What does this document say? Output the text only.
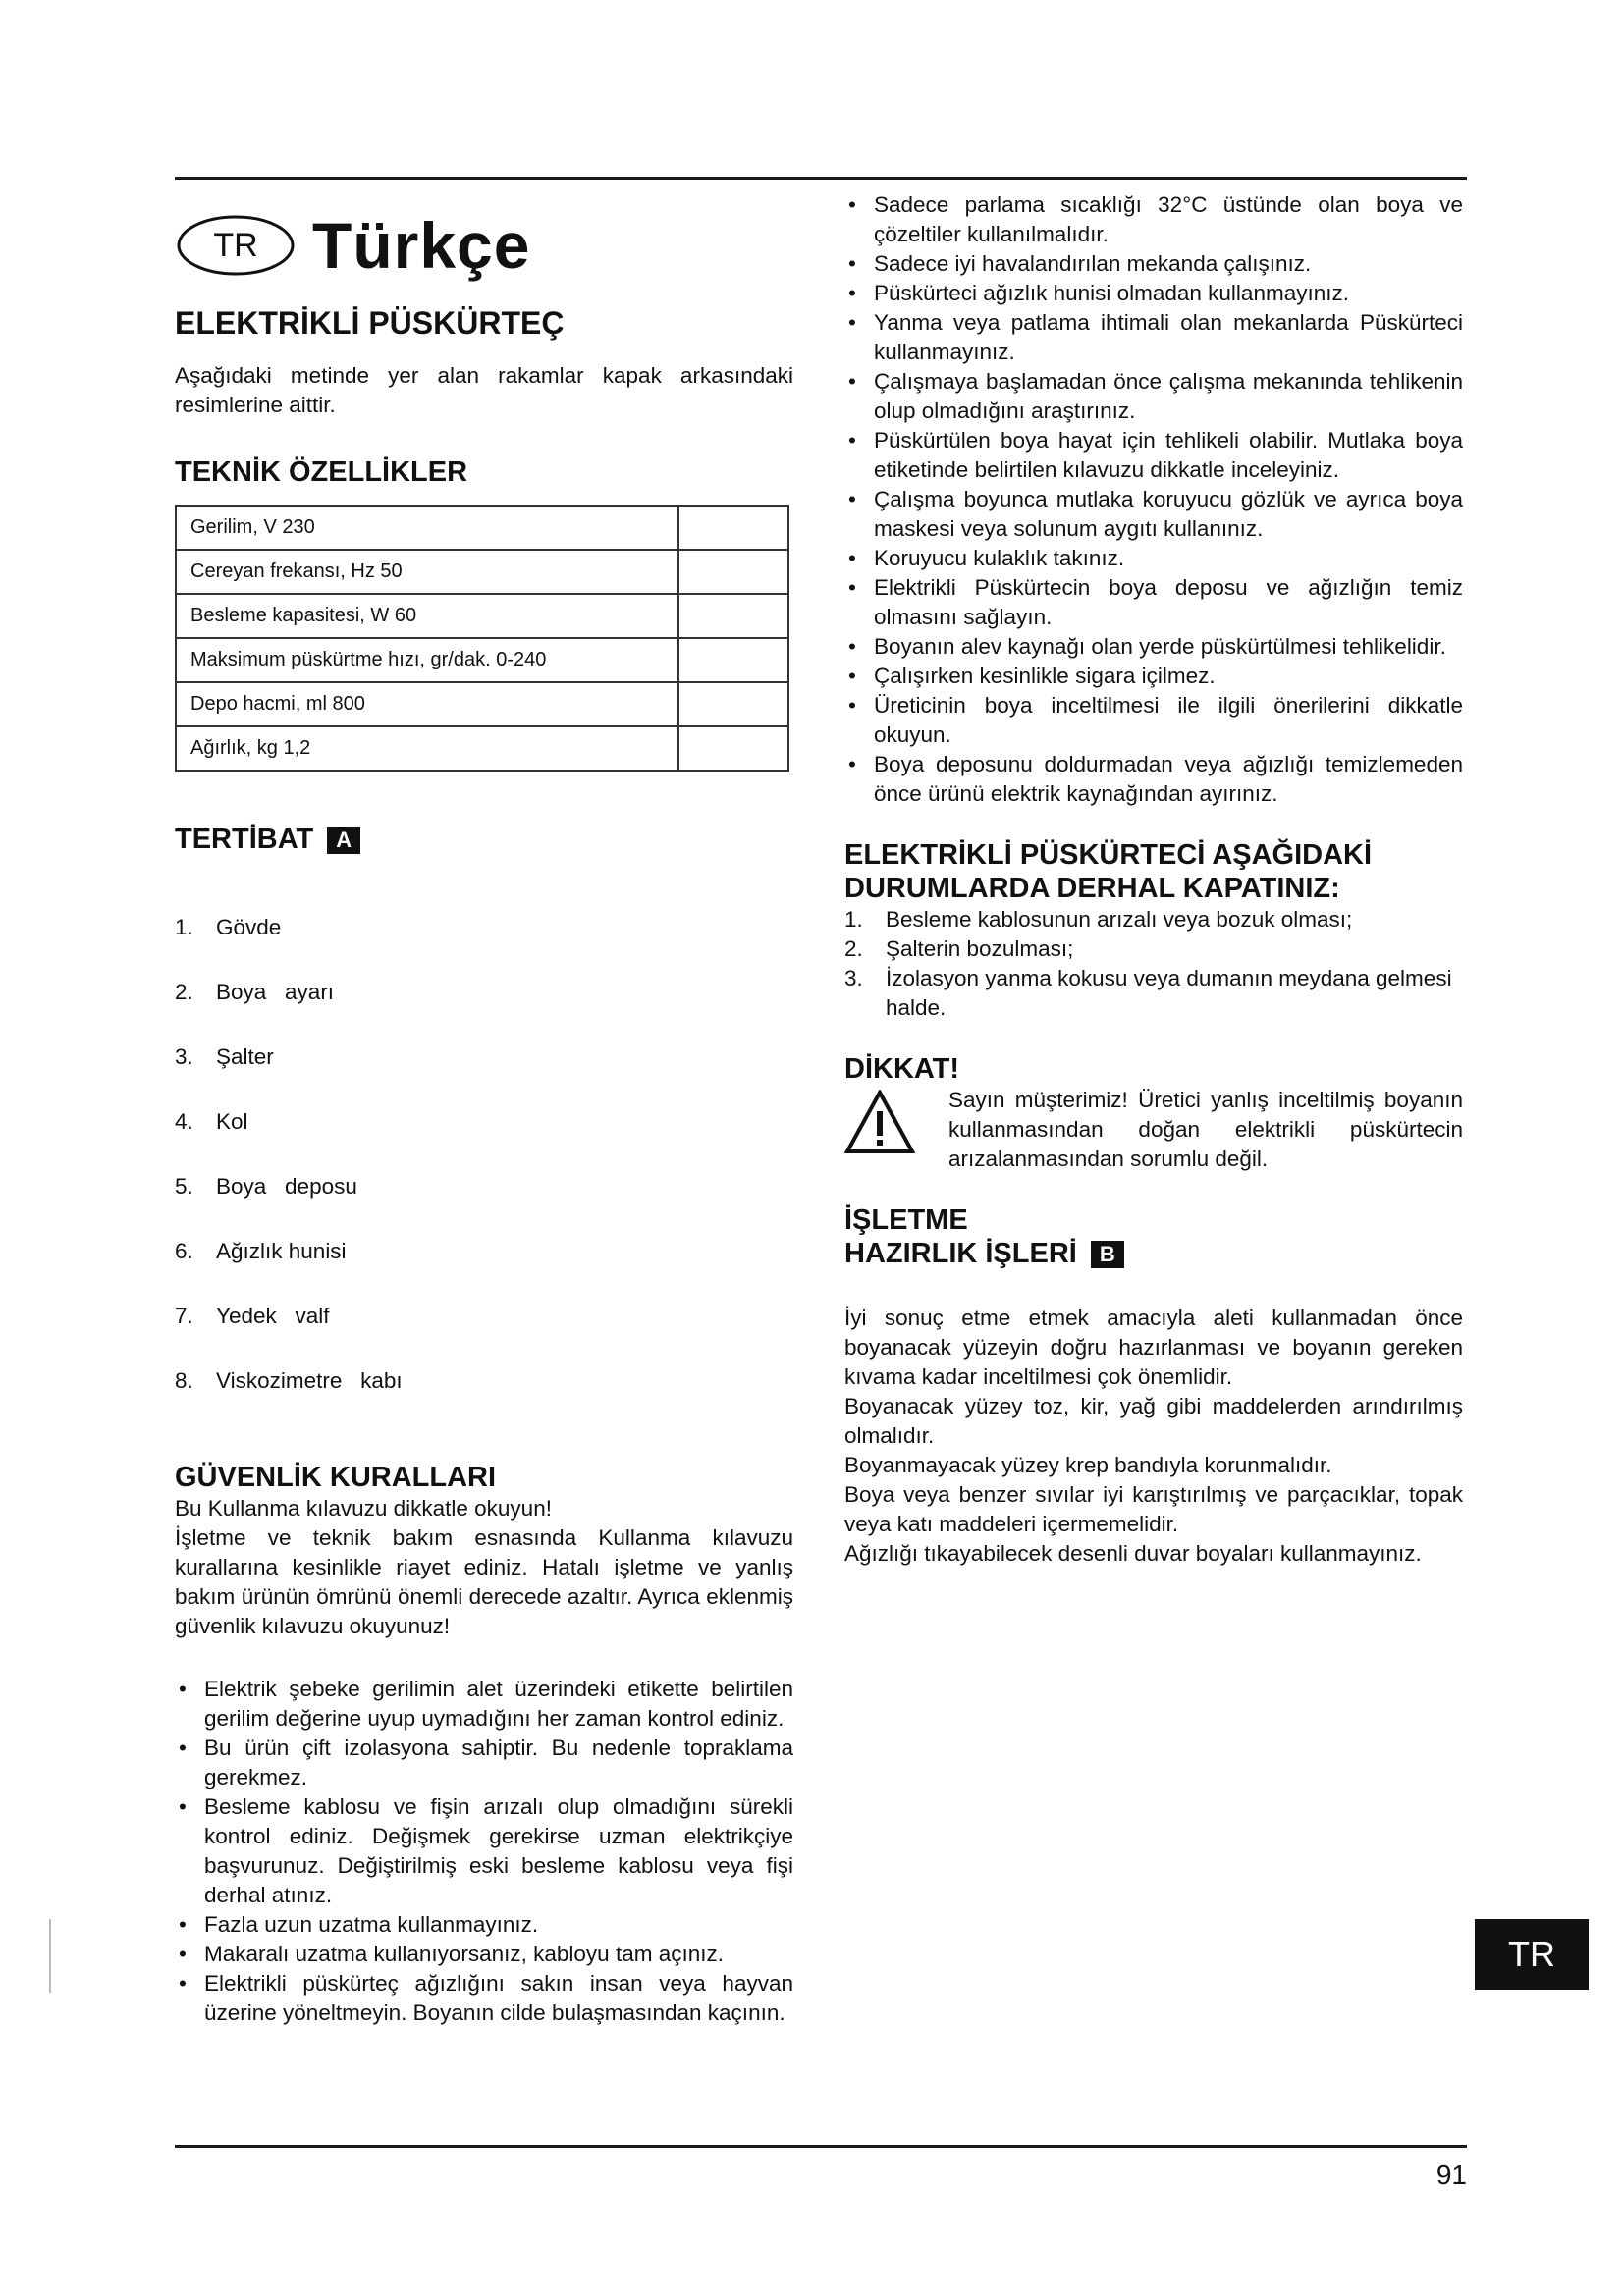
TR Türkçe
ELEKTRİKLİ PÜSKÜRTEÇ

Aşağıdaki metinde yer alan rakamlar kapak arkasındaki resimlerine aittir.

TEKNİK ÖZELLİKLER
Gerilim, V 230	
Cereyan frekansı, Hz 50	
Besleme kapasitesi, W 60	
Maksimum püskürtme hızı, gr/dak. 0-240	
Depo hacmi, ml 800	
Ağırlık, kg 1,2	
TERTİBAT A

1.	Gövde

2.	Boya   ayarı

3.	Şalter

4.	Kol

5.	Boya   deposu

6.	Ağızlık hunisi

7.	Yedek   valf

8.	Viskozimetre   kabı

GÜVENLİK KURALLARI

Bu Kullanma kılavuzu dikkatle okuyun!

İşletme ve teknik bakım esnasında Kullanma kılavuzu kurallarına kesinlikle riayet ediniz. Hatalı işletme ve yanlış bakım ürünün ömrünü önemli derecede azaltır. Ayrıca eklenmiş güvenlik kılavuzu okuyunuz!

• Elektrik şebeke gerilimin alet üzerindeki etikette belirtilen gerilim değerine uyup uymadığını her zaman kontrol ediniz.
• Bu ürün çift izolasyona sahiptir. Bu nedenle topraklama gerekmez.
• Besleme kablosu ve fişin arızalı olup olmadığını sürekli kontrol ediniz. Değişmek gerekirse uzman elektrikçiye başvurunuz. Değiştirilmiş eski besleme kablosu veya fişi derhal atınız.
• Fazla uzun uzatma kullanmayınız.
• Makaralı uzatma kullanıyorsanız, kabloyu tam açınız.
• Elektrikli püskürteç ağızlığını sakın insan veya hayvan üzerine yöneltmeyin. Boyanın cilde bulaşmasından kaçının.
• Sadece parlama sıcaklığı 32°C üstünde olan boya ve çözeltiler kullanılmalıdır.
• Sadece iyi havalandırılan mekanda çalışınız.
• Püskürteci ağızlık hunisi olmadan kullanmayınız.
• Yanma veya patlama ihtimali olan mekanlarda Püskürteci kullanmayınız.
• Çalışmaya başlamadan önce çalışma mekanında tehlikenin olup olmadığını araştırınız.
• Püskürtülen boya hayat için tehlikeli olabilir. Mutlaka boya etiketinde belirtilen kılavuzu dikkatle inceleyiniz.
• Çalışma boyunca mutlaka koruyucu gözlük ve ayrıca boya maskesi veya solunum aygıtı kullanınız.
• Koruyucu kulaklık takınız.
• Elektrikli Püskürtecin boya deposu ve ağızlığın temiz olmasını sağlayın.
• Boyanın alev kaynağı olan yerde püskürtülmesi tehlikelidir.
• Çalışırken kesinlikle sigara içilmez.
• Üreticinin boya inceltilmesi ile ilgili önerilerini dikkatle okuyun.
• Boya deposunu doldurmadan veya ağızlığı temizlemeden önce ürünü elektrik kaynağından ayırınız.
ELEKTRİKLİ PÜSKÜRTECİ AŞAĞIDAKİ
DURUMLARDA DERHAL KAPATINIZ:
1.	Besleme kablosunun arızalı veya bozuk olması;
2.	Şalterin bozulması;
3.	İzolasyon yanma kokusu veya dumanın meydana gelmesi halde.
DİKKAT!

Sayın müşterimiz! Üretici yanlış inceltilmiş boyanın kullanmasından doğan elektrikli püskürtecin arızalanmasından sorumlu değil.

İŞLETME
HAZIRLIK İŞLERİ B

İyi sonuç etme etmek amacıyla aleti kullanmadan önce boyanacak yüzeyin doğru hazırlanması ve boyanın gereken kıvama kadar inceltilmesi çok önemlidir.

Boyanacak yüzey toz, kir, yağ gibi maddelerden arındırılmış olmalıdır.

Boyanmayacak yüzey krep bandıyla korunmalıdır.

Boya veya benzer sıvılar iyi karıştırılmış ve parçacıklar, topak veya katı maddeleri içermemelidir.

Ağızlığı tıkayabilecek desenli duvar boyaları kullanmayınız.

TR
91
